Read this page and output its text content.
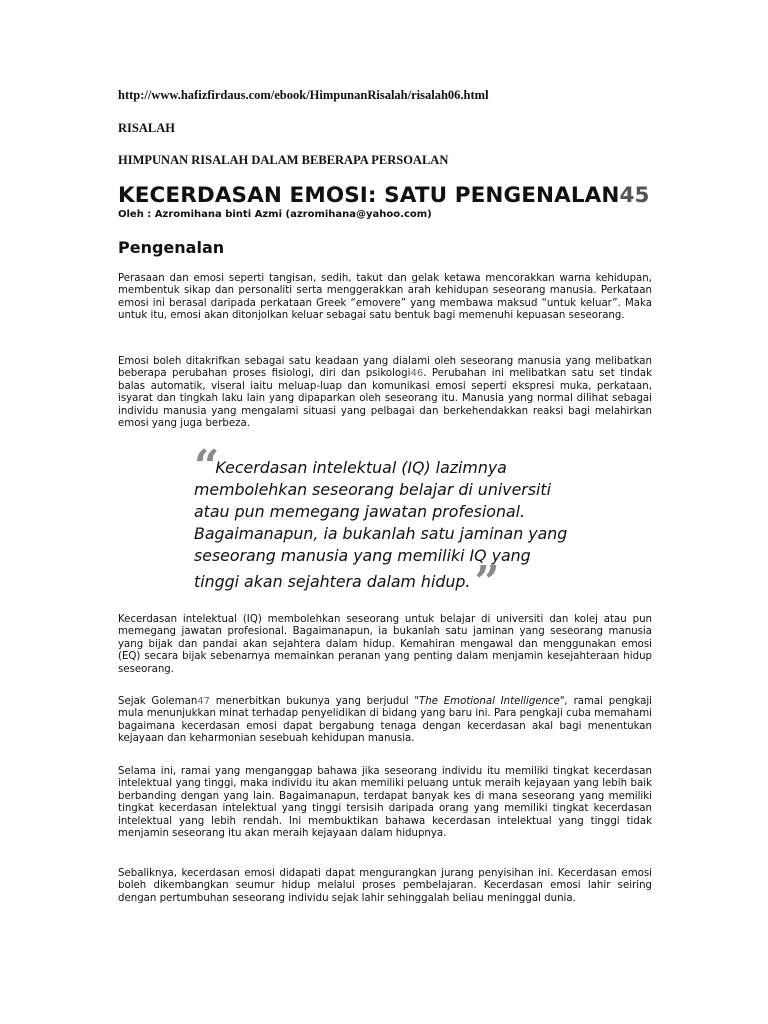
http://www.hafizfirdaus.com/ebook/HimpunanRisalah/risalah06.html
RISALAH
HIMPUNAN RISALAH DALAM BEBERAPA PERSOALAN
KECERDASAN EMOSI: SATU PENGENALAN45
Oleh : Azromihana binti Azmi (azromihana@yahoo.com)
Pengenalan

Perasaan dan emosi seperti tangisan, sedih, takut dan gelak ketawa mencorakkan warna kehidupan, membentuk sikap dan personaliti serta menggerakkan arah kehidupan seseorang manusia. Perkataan emosi ini berasal daripada perkataan Greek “emovere” yang membawa maksud “untuk keluar”. Maka untuk itu, emosi akan ditonjolkan keluar sebagai satu bentuk bagi memenuhi kepuasan seseorang.

Emosi boleh ditakrifkan sebagai satu keadaan yang dialami oleh seseorang manusia yang melibatkan beberapa perubahan proses fisiologi, diri dan psikologi46. Perubahan ini melibatkan satu set tindak balas automatik, viseral iaitu meluap-luap dan komunikasi emosi seperti ekspresi muka, perkataan, isyarat dan tingkah laku lain yang dipaparkan oleh seseorang itu. Manusia yang normal dilihat sebagai individu manusia yang mengalami situasi yang pelbagai dan berkehendakkan reaksi bagi melahirkan emosi yang juga berbeza.

“Kecerdasan intelektual (IQ) lazimnya
membolehkan seseorang belajar di universiti
atau pun memegang jawatan profesional.
Bagaimanapun, ia bukanlah satu jaminan yang
seseorang manusia yang memiliki IQ yang
tinggi akan sejahtera dalam hidup.”

Kecerdasan intelektual (IQ) membolehkan seseorang untuk belajar di universiti dan kolej atau pun memegang jawatan profesional. Bagaimanapun, ia bukanlah satu jaminan yang seseorang manusia yang bijak dan pandai akan sejahtera dalam hidup. Kemahiran mengawal dan menggunakan emosi (EQ) secara bijak sebenarnya memainkan peranan yang penting dalam menjamin kesejahteraan hidup seseorang.

Sejak Goleman47 menerbitkan bukunya yang berjudul "The Emotional Intelligence", ramai pengkaji mula menunjukkan minat terhadap penyelidikan di bidang yang baru ini. Para pengkaji cuba memahami bagaimana kecerdasan emosi dapat bergabung tenaga dengan kecerdasan akal bagi menentukan kejayaan dan keharmonian sesebuah kehidupan manusia.

Selama ini, ramai yang menganggap bahawa jika seseorang individu itu memiliki tingkat kecerdasan intelektual yang tinggi, maka individu itu akan memiliki peluang untuk meraih kejayaan yang lebih baik berbanding dengan yang lain. Bagaimanapun, terdapat banyak kes di mana seseorang yang memiliki tingkat kecerdasan intelektual yang tinggi tersisih daripada orang yang memiliki tingkat kecerdasan intelektual yang lebih rendah. Ini membuktikan bahawa kecerdasan intelektual yang tinggi tidak menjamin seseorang itu akan meraih kejayaan dalam hidupnya.

Sebaliknya, kecerdasan emosi didapati dapat mengurangkan jurang penyisihan ini. Kecerdasan emosi boleh dikembangkan seumur hidup melalui proses pembelajaran. Kecerdasan emosi lahir seiring dengan pertumbuhan seseorang individu sejak lahir sehinggalah beliau meninggal dunia.
